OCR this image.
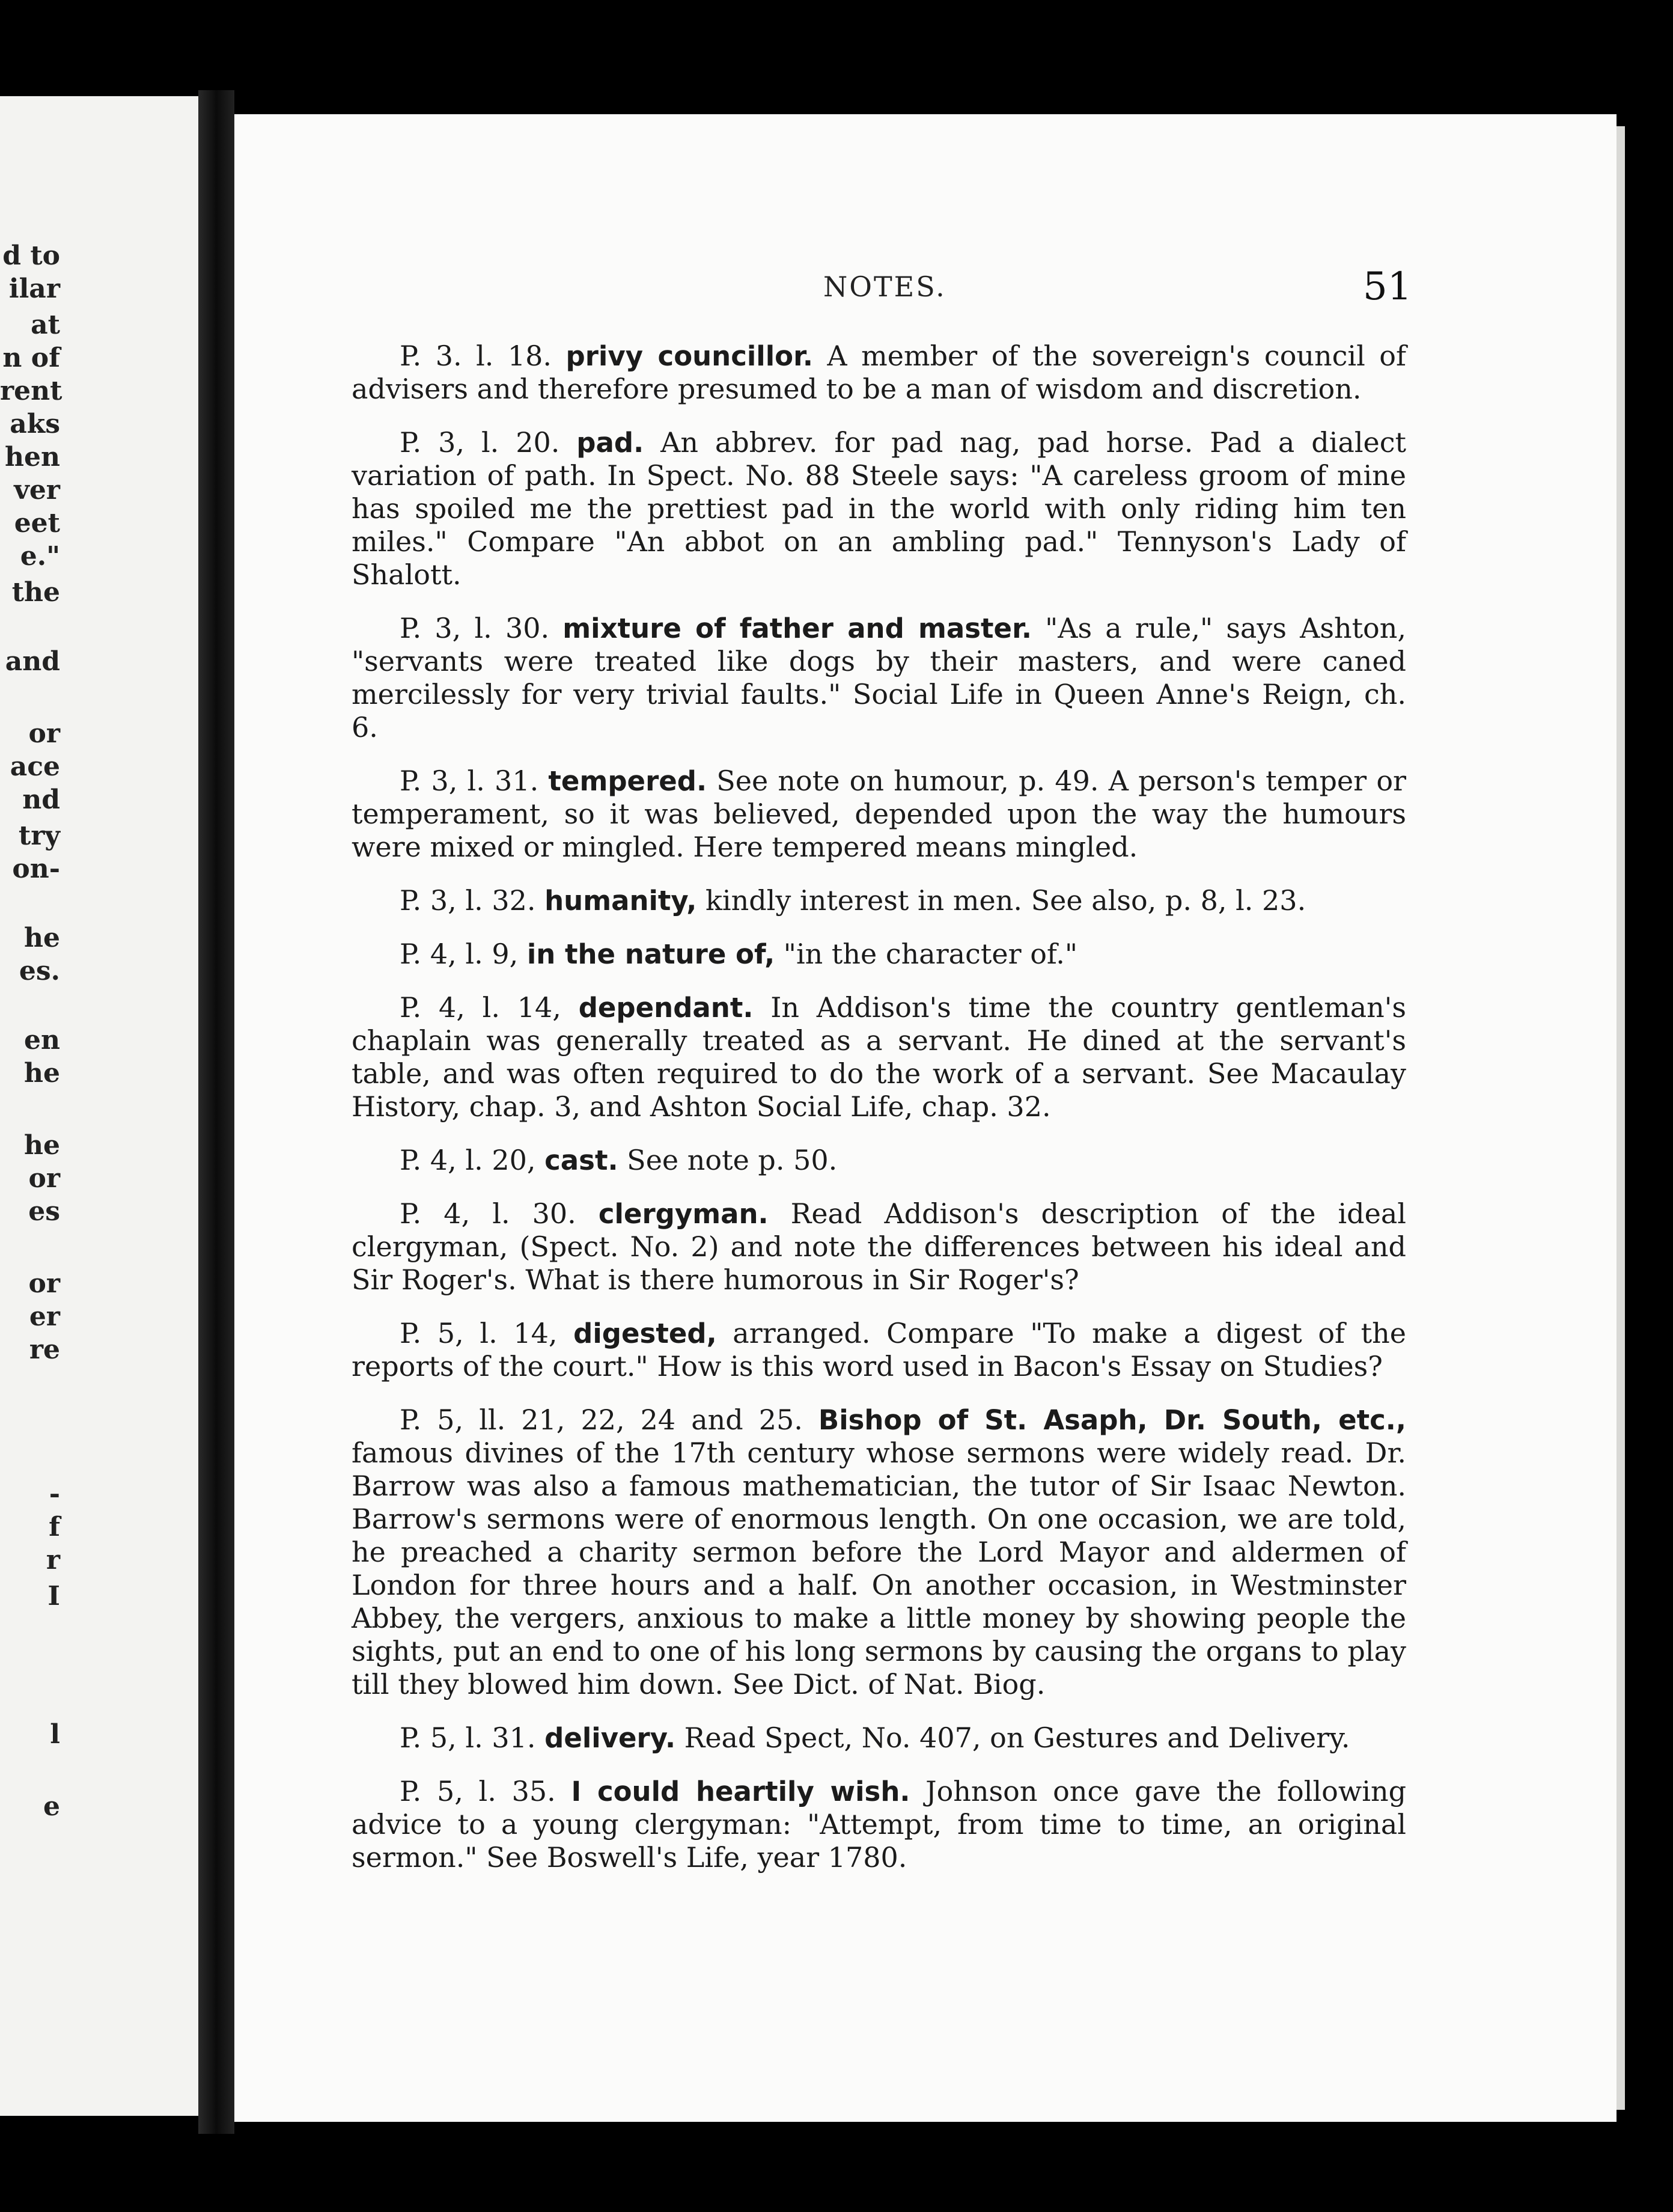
d to
ilar
at
n of
rent
aks
hen
ver
eet
e."
the
and
or
ace
nd
try
on-
he
es.
en
he
he
or
es
or
er
re
-
f
r
I
l
e
NOTES.	51

P. 3. l. 18. privy councillor. A member of the sovereign's council of advisers and therefore presumed to be a man of wisdom and discretion.

P. 3, l. 20. pad. An abbrev. for pad nag, pad horse. Pad a dialect variation of path. In Spect. No. 88 Steele says: "A careless groom of mine has spoiled me the prettiest pad in the world with only riding him ten miles." Compare "An abbot on an ambling pad." Tennyson's Lady of Shalott.

P. 3, l. 30. mixture of father and master. "As a rule," says Ashton, "servants were treated like dogs by their masters, and were caned mercilessly for very trivial faults." Social Life in Queen Anne's Reign, ch. 6.

P. 3, l. 31. tempered. See note on humour, p. 49. A person's temper or temperament, so it was believed, depended upon the way the humours were mixed or mingled. Here tempered means mingled.

P. 3, l. 32. humanity, kindly interest in men. See also, p. 8, l. 23.

P. 4, l. 9, in the nature of, "in the character of."

P. 4, l. 14, dependant. In Addison's time the country gentleman's chaplain was generally treated as a servant. He dined at the servant's table, and was often required to do the work of a servant. See Macaulay History, chap. 3, and Ashton Social Life, chap. 32.

P. 4, l. 20, cast. See note p. 50.

P. 4, l. 30. clergyman. Read Addison's description of the ideal clergyman, (Spect. No. 2) and note the differences between his ideal and Sir Roger's. What is there humorous in Sir Roger's?

P. 5, l. 14, digested, arranged. Compare "To make a digest of the reports of the court." How is this word used in Bacon's Essay on Studies?

P. 5, ll. 21, 22, 24 and 25. Bishop of St. Asaph, Dr. South, etc., famous divines of the 17th century whose sermons were widely read. Dr. Barrow was also a famous mathematician, the tutor of Sir Isaac Newton. Barrow's sermons were of enormous length. On one occasion, we are told, he preached a charity sermon before the Lord Mayor and aldermen of London for three hours and a half. On another occasion, in Westminster Abbey, the vergers, anxious to make a little money by showing people the sights, put an end to one of his long sermons by causing the organs to play till they blowed him down. See Dict. of Nat. Biog.

P. 5, l. 31. delivery. Read Spect, No. 407, on Gestures and Delivery.

P. 5, l. 35. I could heartily wish. Johnson once gave the following advice to a young clergyman: "Attempt, from time to time, an original sermon." See Boswell's Life, year 1780.
